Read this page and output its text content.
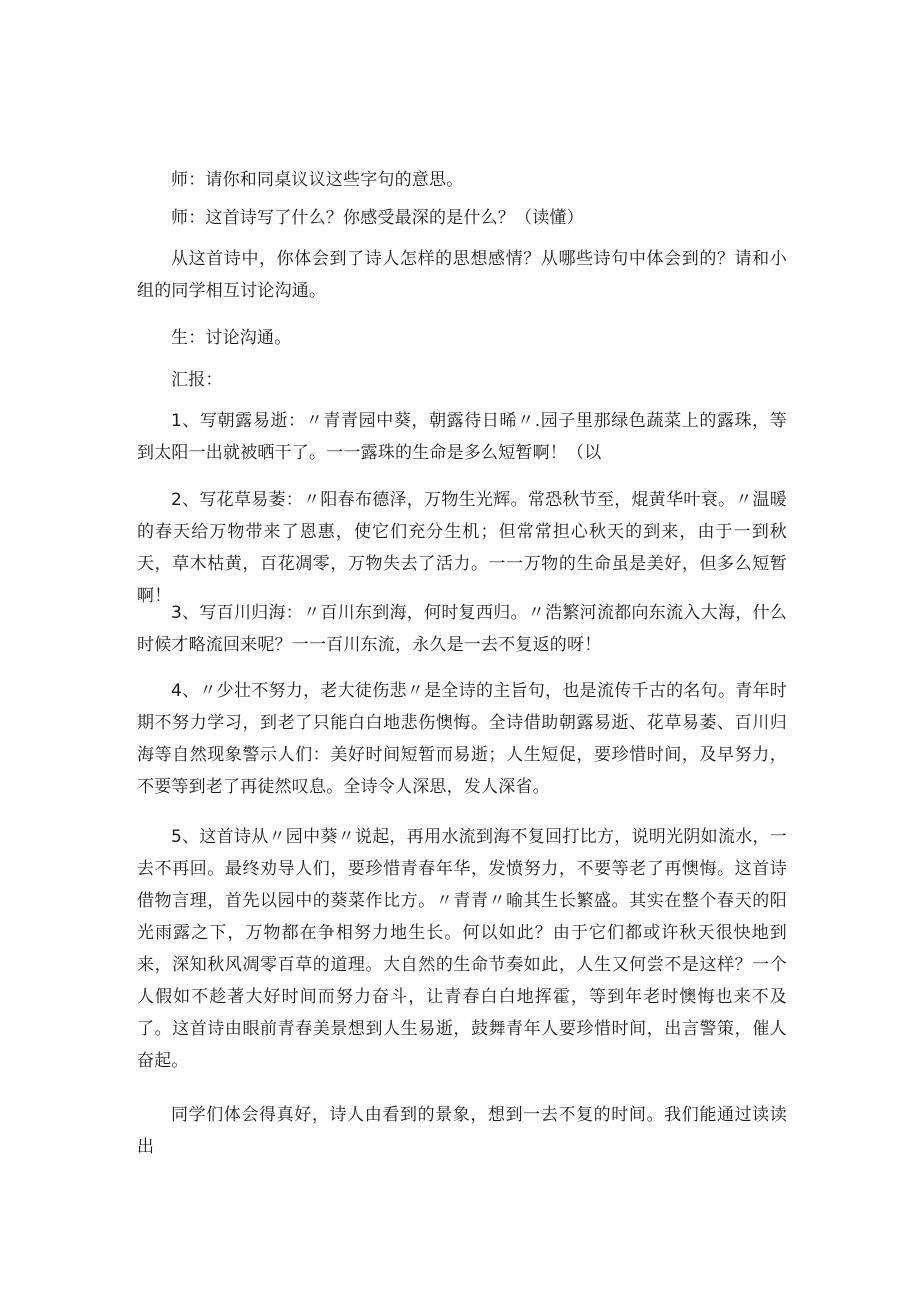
师：请你和同桌议议这些字句的意思。

师：这首诗写了什么？你感受最深的是什么？（读懂）

从这首诗中，你体会到了诗人怎样的思想感情？从哪些诗句中体会到的？请和小组的同学相互讨论沟通。

生：讨论沟通。

汇报：

1、写朝露易逝：〃青青园中葵，朝露待日晞〃.园子里那绿色蔬菜上的露珠，等到太阳一出就被晒干了。一一露珠的生命是多么短暂啊！（以

2、写花草易萎：〃阳春布德泽，万物生光辉。常恐秋节至，焜黄华叶衰。〃温暖的春天给万物带来了恩惠，使它们充分生机；但常常担心秋天的到来，由于一到秋天，草木枯黄，百花凋零，万物失去了活力。一一万物的生命虽是美好，但多么短暂啊！

3、写百川归海：〃百川东到海，何时复西归。〃浩繁河流都向东流入大海，什么时候才略流回来呢？一一百川东流，永久是一去不复返的呀！

4、〃少壮不努力，老大徒伤悲〃是全诗的主旨句，也是流传千古的名句。青年时期不努力学习，到老了只能白白地悲伤懊悔。全诗借助朝露易逝、花草易萎、百川归海等自然现象警示人们：美好时间短暂而易逝；人生短促，要珍惜时间，及早努力，不要等到老了再徒然叹息。全诗令人深思，发人深省。

5、这首诗从〃园中葵〃说起，再用水流到海不复回打比方，说明光阴如流水，一去不再回。最终劝导人们，要珍惜青春年华，发愤努力，不要等老了再懊悔。这首诗借物言理，首先以园中的葵菜作比方。〃青青〃喻其生长繁盛。其实在整个春天的阳光雨露之下，万物都在争相努力地生长。何以如此？由于它们都或许秋天很快地到来，深知秋风凋零百草的道理。大自然的生命节奏如此，人生又何尝不是这样？一个人假如不趁著大好时间而努力奋斗，让青春白白地挥霍，等到年老时懊悔也来不及了。这首诗由眼前青春美景想到人生易逝，鼓舞青年人要珍惜时间，出言警策，催人奋起。

同学们体会得真好，诗人由看到的景象，想到一去不复的时间。我们能通过读读出
